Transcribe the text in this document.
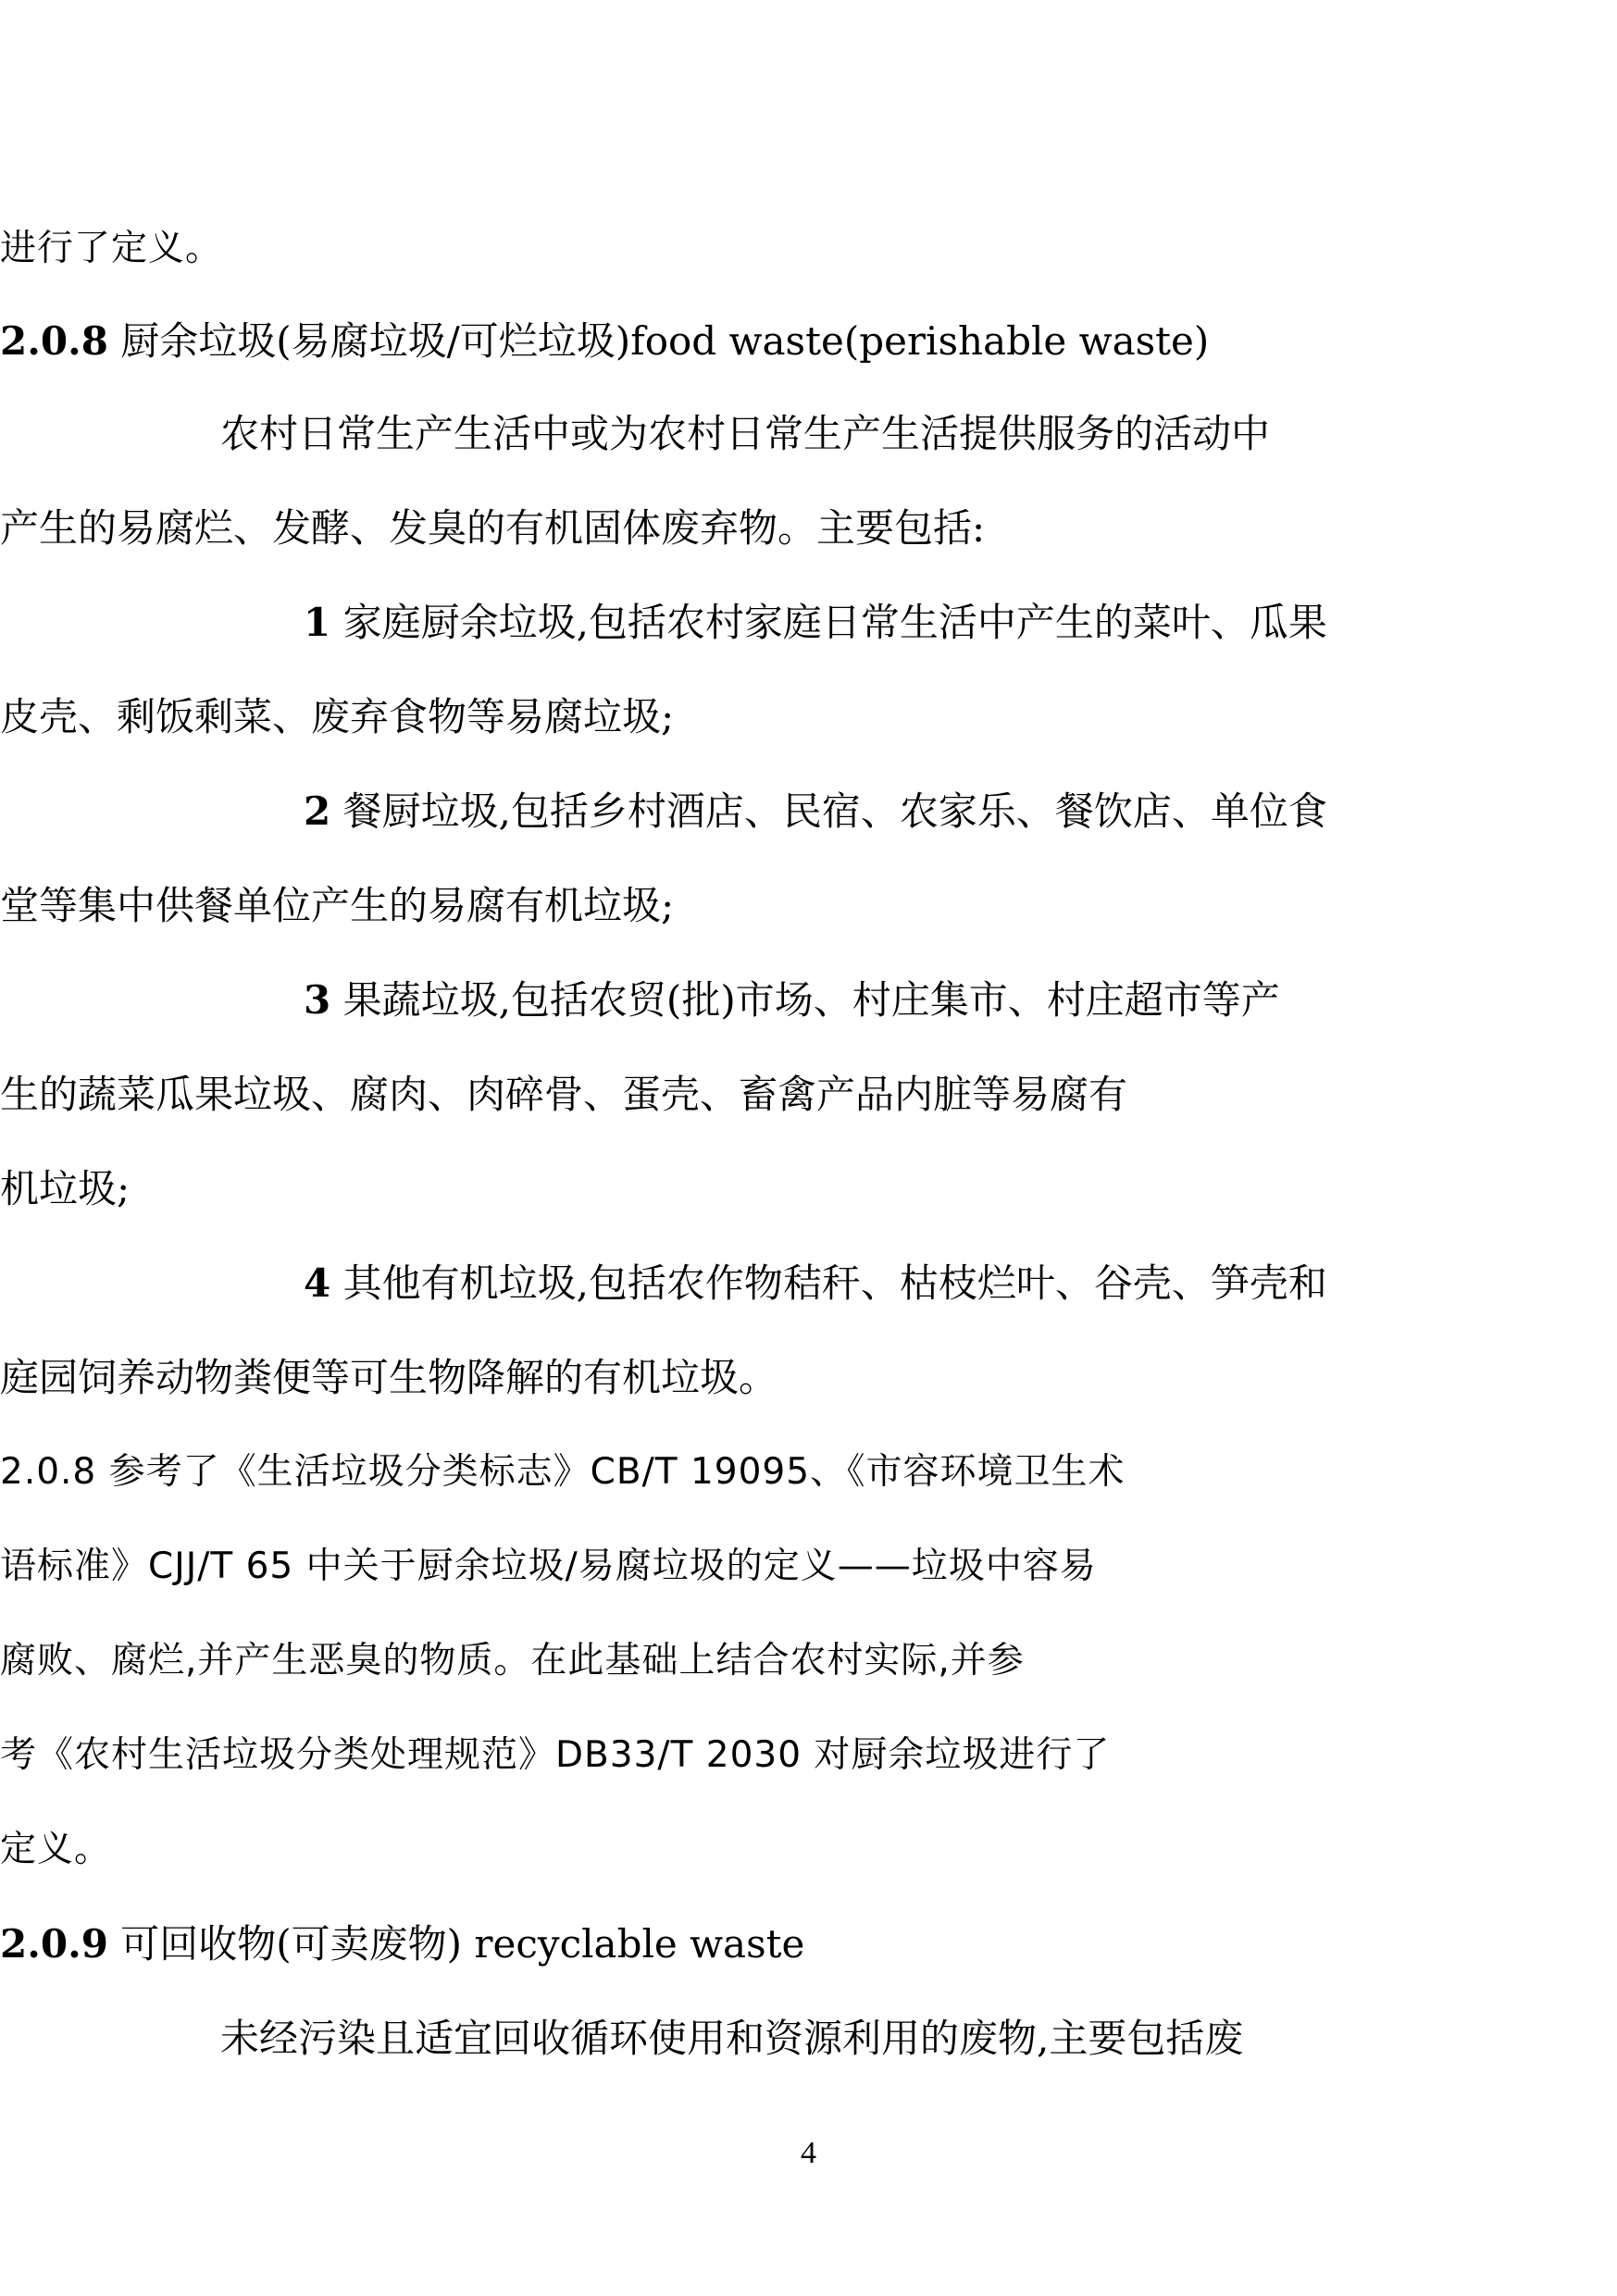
进行了定义。
2.0.8 厨余垃圾(易腐垃圾/可烂垃圾)food waste(perishable waste)
农村日常生产生活中或为农村日常生产生活提供服务的活动中
产生的易腐烂、发酵、发臭的有机固体废弃物。主要包括:
1 家庭厨余垃圾,包括农村家庭日常生活中产生的菜叶、瓜果
皮壳、剩饭剩菜、废弃食物等易腐垃圾;
2 餐厨垃圾,包括乡村酒店、民宿、农家乐、餐饮店、单位食
堂等集中供餐单位产生的易腐有机垃圾;
3 果蔬垃圾,包括农贸(批)市场、村庄集市、村庄超市等产
生的蔬菜瓜果垃圾、腐肉、肉碎骨、蛋壳、畜禽产品内脏等易腐有
机垃圾;
4 其他有机垃圾,包括农作物秸秆、枯枝烂叶、谷壳、笋壳和
庭园饲养动物粪便等可生物降解的有机垃圾。
2.0.8 参考了《生活垃圾分类标志》CB/T 19095、《市容环境卫生术
语标准》CJJ/T 65 中关于厨余垃圾/易腐垃圾的定义——垃圾中容易
腐败、腐烂,并产生恶臭的物质。在此基础上结合农村实际,并参
考《农村生活垃圾分类处理规范》DB33/T 2030 对厨余垃圾进行了
定义。
2.0.9 可回收物(可卖废物) recyclable waste
未经污染且适宜回收循环使用和资源利用的废物,主要包括废
4
